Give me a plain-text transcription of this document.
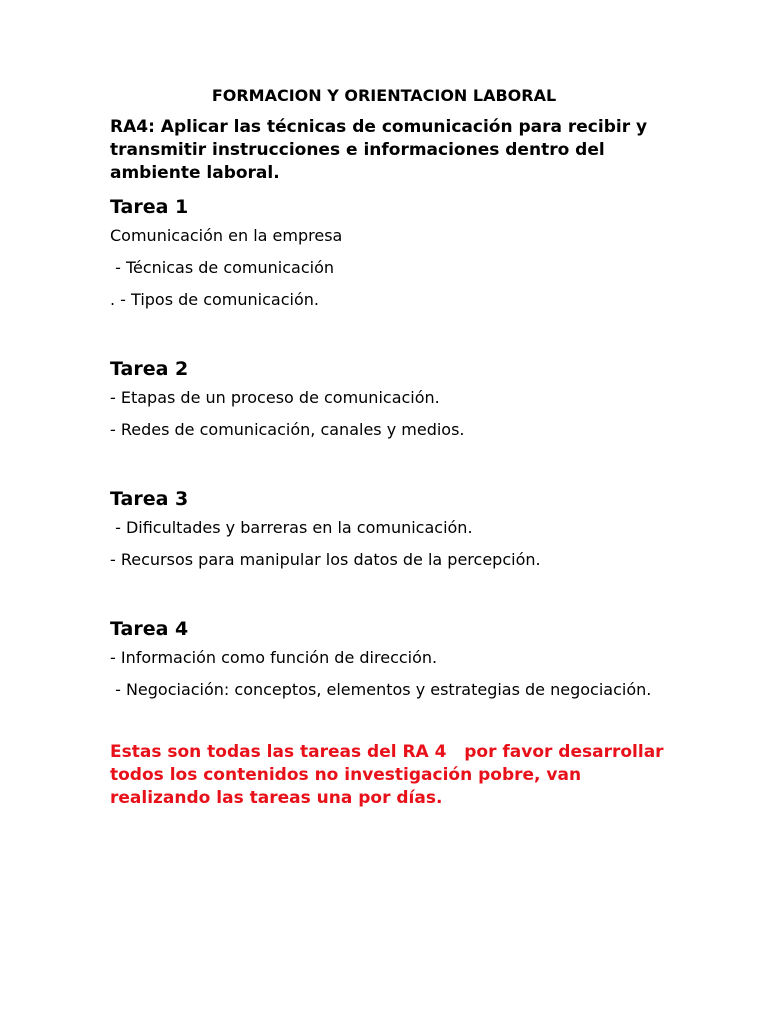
FORMACION Y ORIENTACION LABORAL
RA4: Aplicar las técnicas de comunicación para recibir y transmitir instrucciones e informaciones dentro del ambiente laboral.
Tarea 1
Comunicación en la empresa
- Técnicas de comunicación
. - Tipos de comunicación.
Tarea 2
- Etapas de un proceso de comunicación.
- Redes de comunicación, canales y medios.
Tarea 3
- Dificultades y barreras en la comunicación.
- Recursos para manipular los datos de la percepción.
Tarea 4
- Información como función de dirección.
- Negociación: conceptos, elementos y estrategias de negociación.
Estas son todas las tareas del RA 4   por favor desarrollar todos los contenidos no investigación pobre, van realizando las tareas una por días.
